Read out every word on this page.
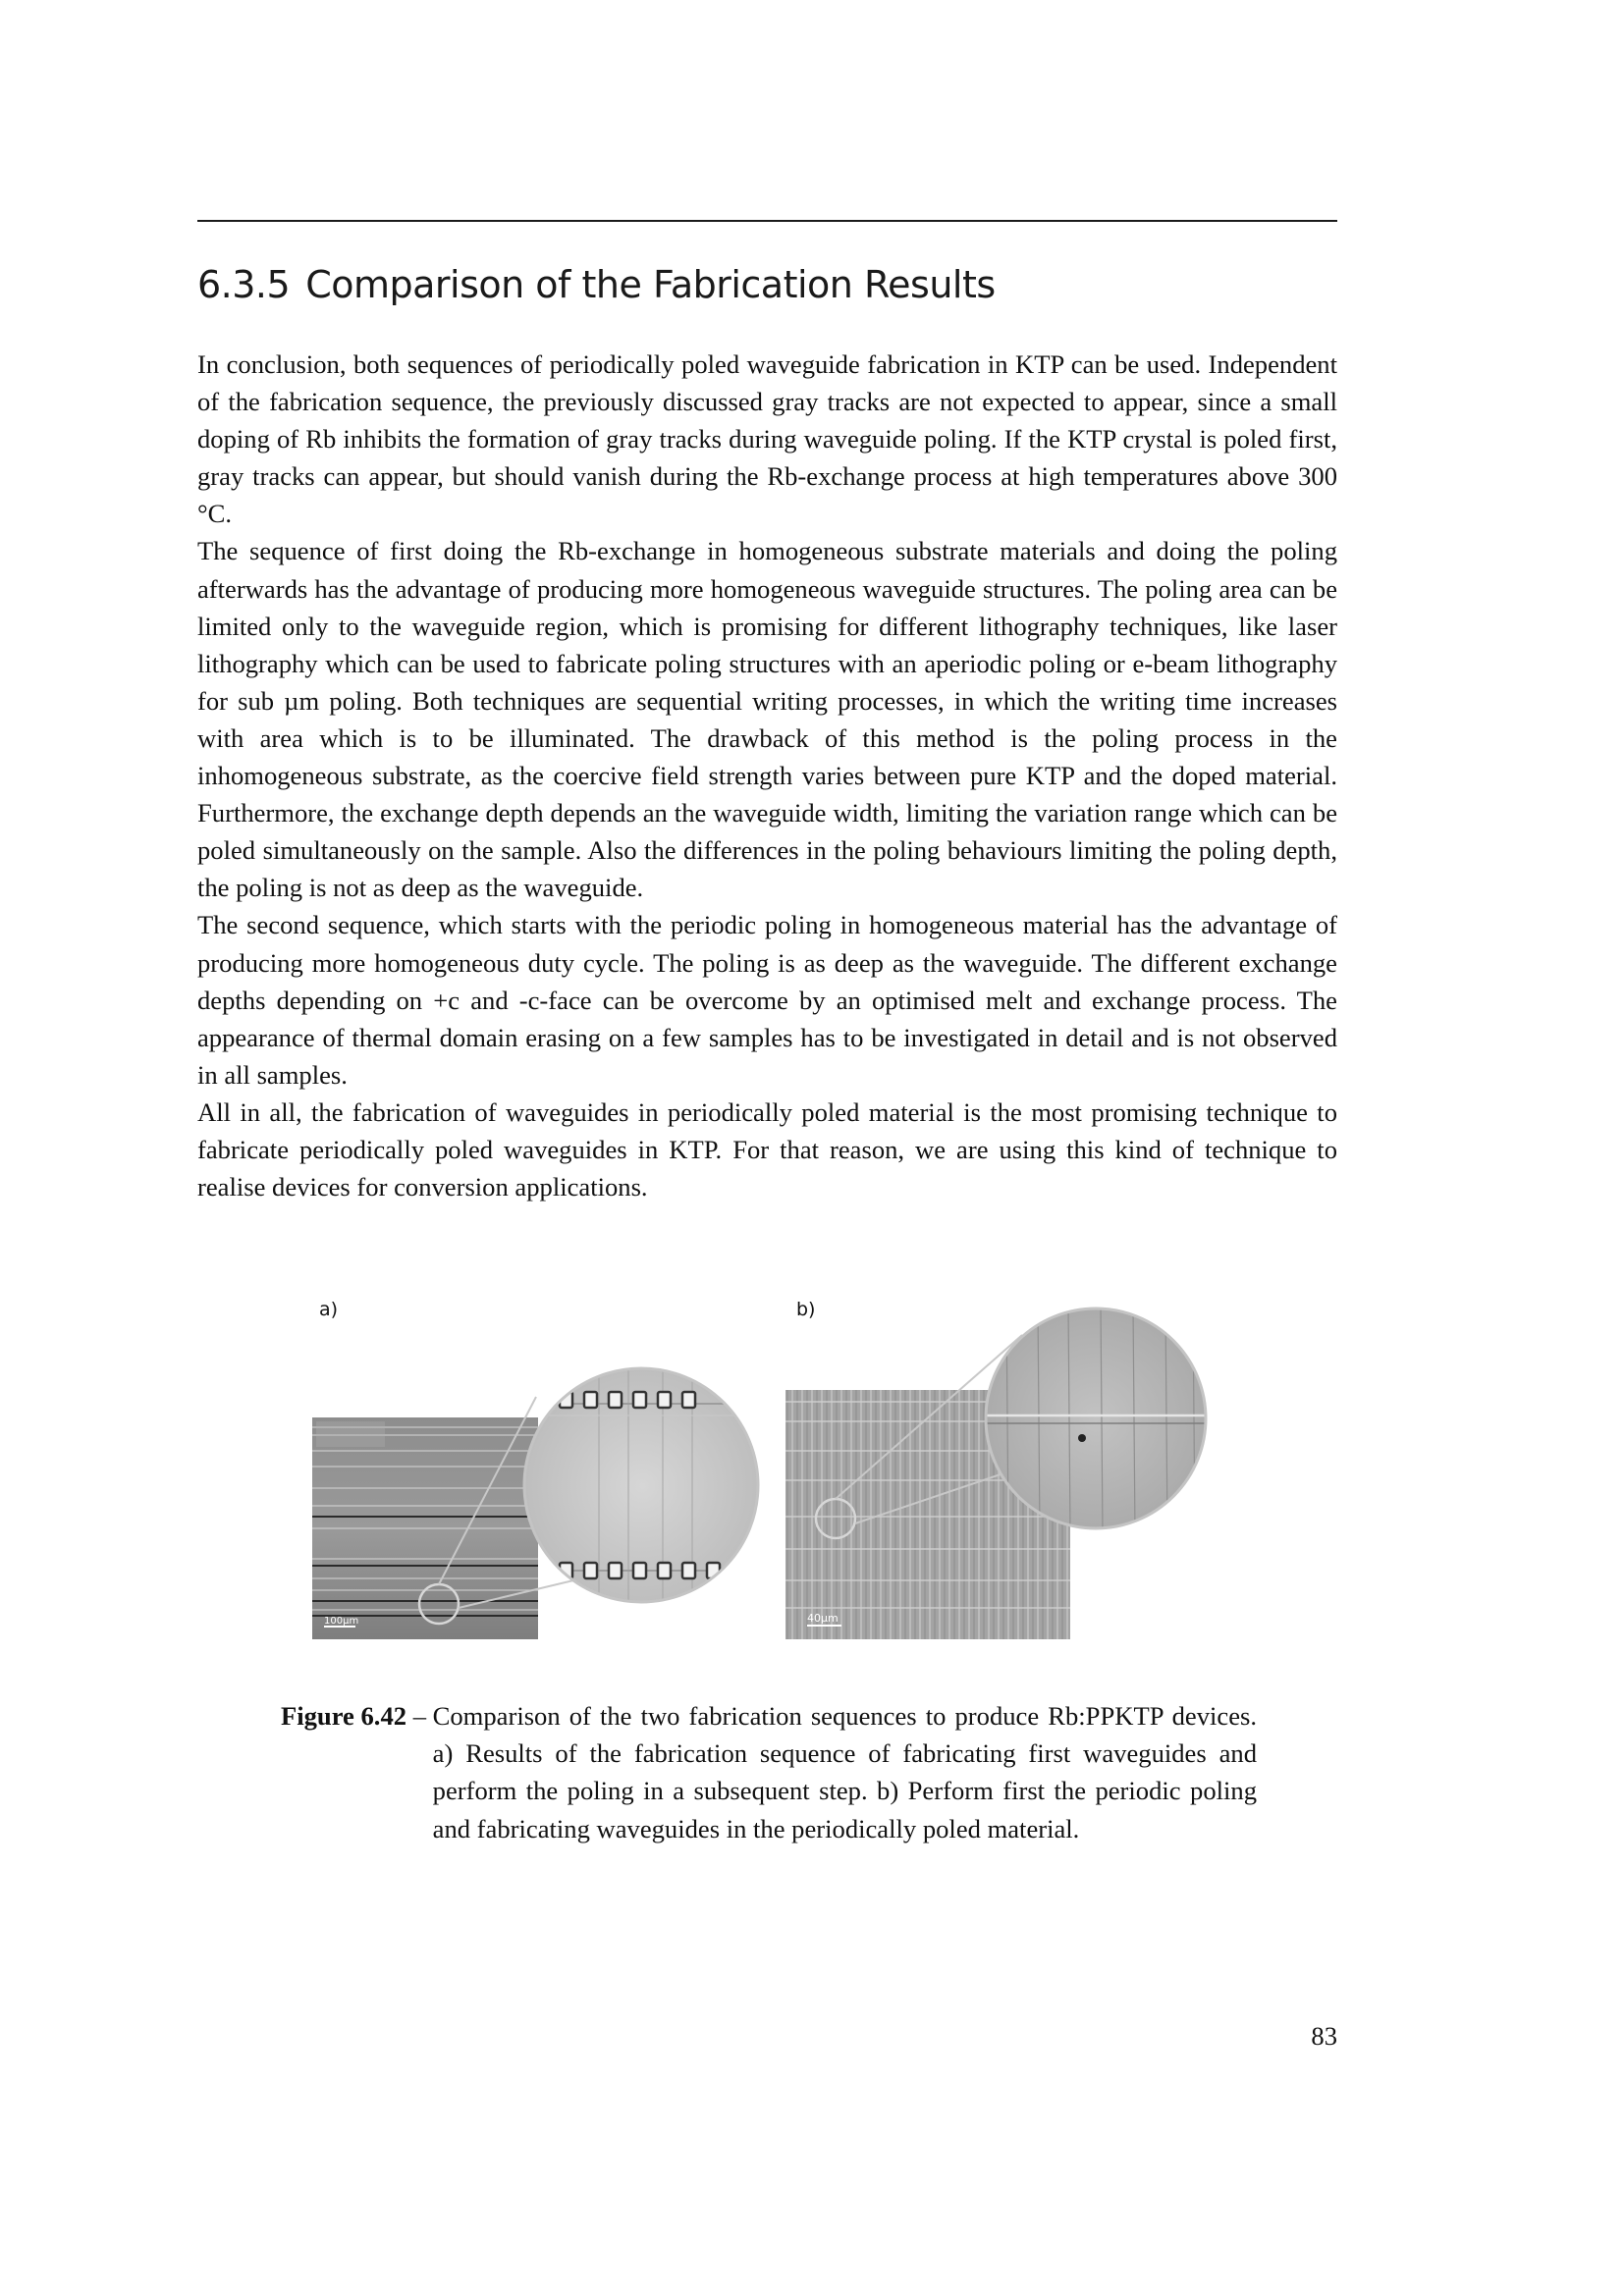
6.3.5 Comparison of the Fabrication Results

In conclusion, both sequences of periodically poled waveguide fabrication in KTP can be used. Independent of the fabrication sequence, the previously discussed gray tracks are not expected to appear, since a small doping of Rb inhibits the formation of gray tracks during waveguide poling. If the KTP crystal is poled first, gray tracks can appear, but should vanish during the Rb-exchange process at high temperatures above 300 °C.

The sequence of first doing the Rb-exchange in homogeneous substrate materials and doing the poling afterwards has the advantage of producing more homogeneous waveguide structures. The poling area can be limited only to the waveguide region, which is promising for different lithography techniques, like laser lithography which can be used to fabricate poling structures with an aperiodic poling or e-beam lithography for sub µm poling. Both techniques are sequential writing processes, in which the writing time increases with area which is to be illuminated. The drawback of this method is the poling process in the inhomogeneous substrate, as the coercive field strength varies between pure KTP and the doped material. Furthermore, the exchange depth depends an the waveguide width, limiting the variation range which can be poled simultaneously on the sample. Also the differences in the poling behaviours limiting the poling depth, the poling is not as deep as the waveguide.

The second sequence, which starts with the periodic poling in homogeneous material has the advantage of producing more homogeneous duty cycle. The poling is as deep as the waveguide. The different exchange depths depending on +c and -c-face can be overcome by an optimised melt and exchange process. The appearance of thermal domain erasing on a few samples has to be investigated in detail and is not observed in all samples.

All in all, the fabrication of waveguides in periodically poled material is the most promising technique to fabricate periodically poled waveguides in KTP. For that reason, we are using this kind of technique to realise devices for conversion applications.

a)
100µm
b)
40µm
Figure 6.42 – Comparison of the two fabrication sequences to produce Rb:PPKTP devices. a) Results of the fabrication sequence of fabricating first waveguides and perform the poling in a subsequent step. b) Perform first the periodic poling and fabricating waveguides in the periodically poled material.
83
